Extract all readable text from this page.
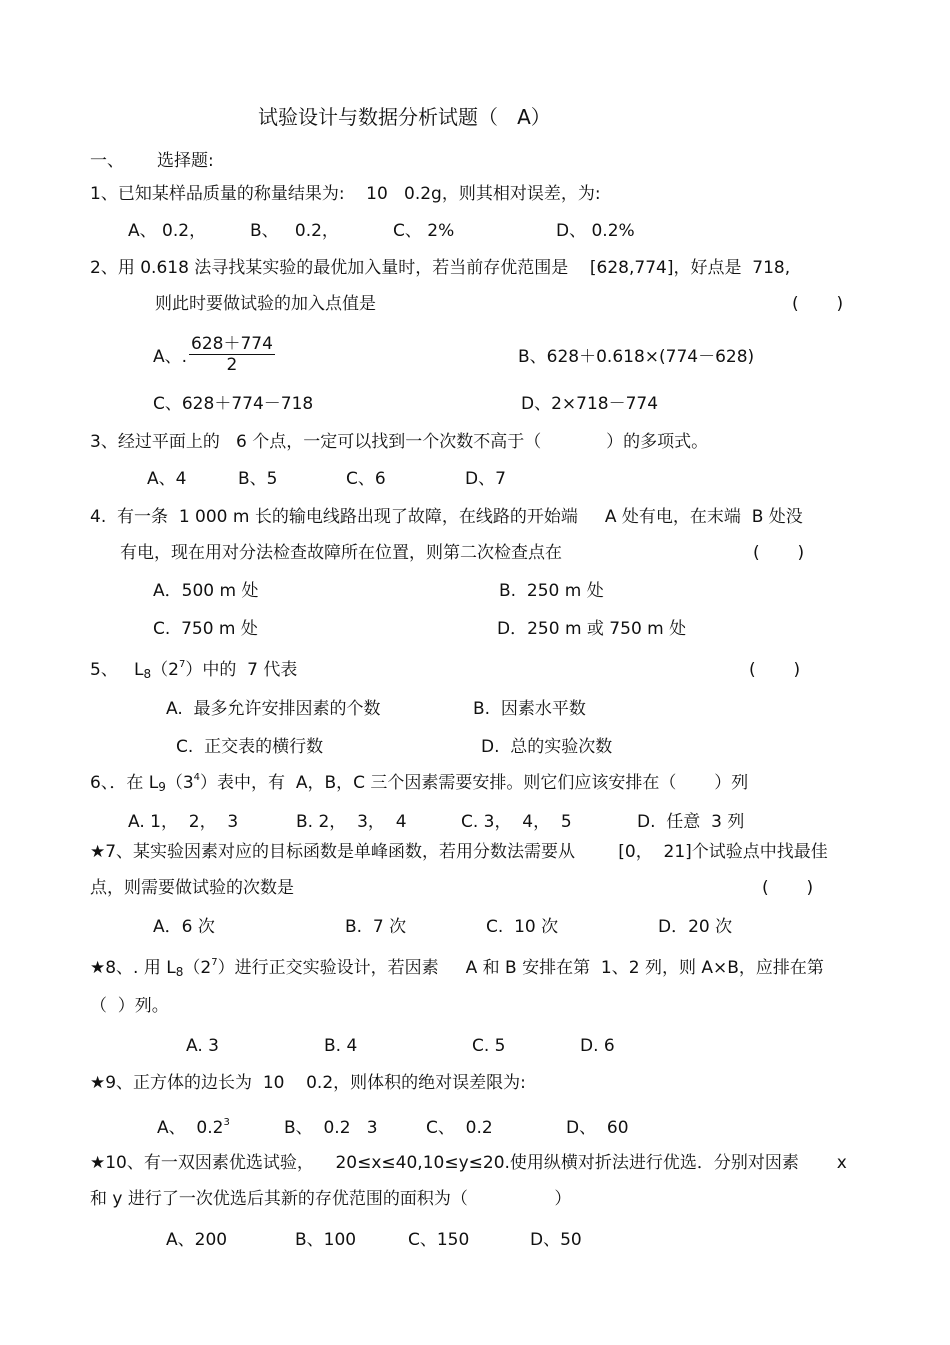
试验设计与数据分析试题（   A）
一、 选择题:
1、已知某样品质量的称量结果为:    10   0.2g，则其相对误差，为:
A、 0.2，	B、   0.2，	C、 2%	D、 0.2%
2、用 0.618 法寻找某实验的最优加入量时，若当前存优范围是    [628,774]，好点是  718,
则此时要做试验的加入点值是	(       )
A、. $\frac{628+774}{2}$	B、628＋0.618×(774－628)
C、628＋774－718	D、2×718－774
3、经过平面上的   6 个点，一定可以找到一个次数不高于（            ）的多项式。
A、4	B、5	C、6	D、7
4.  有一条  1 000 m 长的输电线路出现了故障，在线路的开始端     A 处有电，在末端  B 处没
有电，现在用对分法检查故障所在位置，则第二次检查点在	(       )
A．500 m 处	B.  250 m 处
C.  750 m 处	D．250 m 或 750 m 处
5、   $L_8(2^7)$中的  7 代表	(       )
A.  最多允许安排因素的个数	B.  因素水平数
C.  正交表的横行数	D.  总的实验次数
6、．在 $L_9(3^4)$表中，有  A，B，C 三个因素需要安排。则它们应该安排在（       ）列
A. 1，  2，  3	B. 2，  3，  4	C. 3，  4，  5	D.  任意  3 列
★7、某实验因素对应的目标函数是单峰函数，若用分数法需要从        [0，  21]个试验点中找最佳
点，则需要做试验的次数是	(       )
A．6 次	B.  7 次	C.  10 次	D．20 次
★8、. 用 $L_8(2^7)$进行正交实验设计，若因素     A 和 B 安排在第  1、2 列，则 A×B，应排在第
（  ）列。
A. 3	B. 4	C. 5	D. 6
★9、正方体的边长为  10    0.2，则体积的绝对误差限为:
A、  $0.2^3$	B、  0.2   3	C、  0.2	D、  60
★10、有一双因素优选试验，    20≤x≤40,10≤y≤20.使用纵横对折法进行优选．分别对因素       x
和 y 进行了一次优选后其新的存优范围的面积为（                ）
A、200	B、100	C、150	D、50
